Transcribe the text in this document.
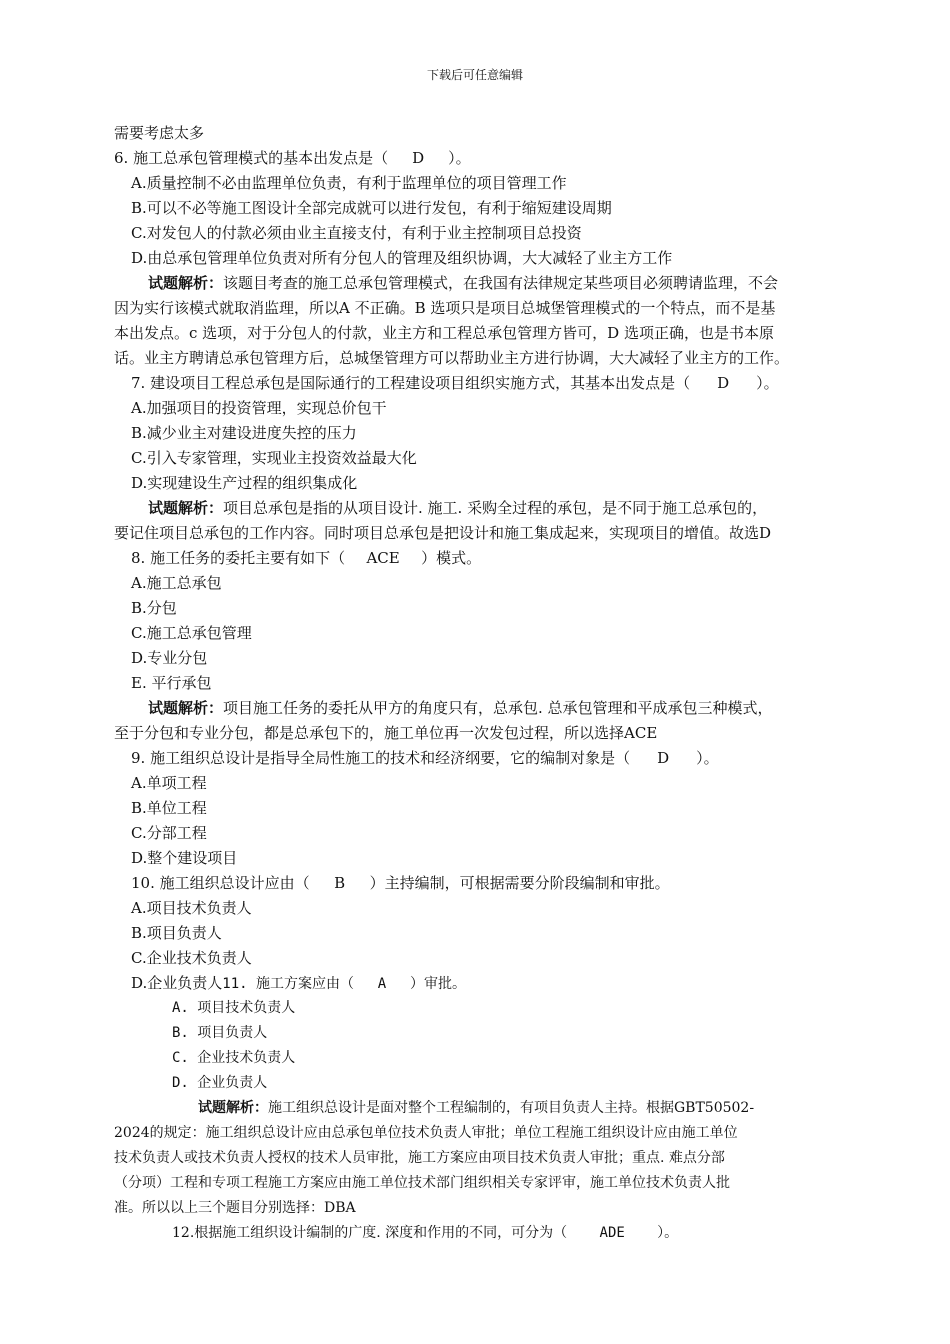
下载后可任意编辑
需要考虑太多
6. 施工总承包管理模式的基本出发点是（ D ）。
A.质量控制不必由监理单位负责，有利于监理单位的项目管理工作
B.可以不必等施工图设计全部完成就可以进行发包，有利于缩短建设周期
C.对发包人的付款必须由业主直接支付，有利于业主控制项目总投资
D.由总承包管理单位负责对所有分包人的管理及组织协调，大大减轻了业主方工作
试题解析：该题目考查的施工总承包管理模式，在我国有法律规定某些项目必须聘请监理，不会
因为实行该模式就取消监理，所以A 不正确。B 选项只是项目总城堡管理模式的一个特点，而不是基
本出发点。c 选项，对于分包人的付款，业主方和工程总承包管理方皆可，D 选项正确，也是书本原
话。业主方聘请总承包管理方后，总城堡管理方可以帮助业主方进行协调，大大减轻了业主方的工作。
7. 建设项目工程总承包是国际通行的工程建设项目组织实施方式，其基本出发点是（ D ）。
A.加强项目的投资管理，实现总价包干
B.减少业主对建设进度失控的压力
C.引入专家管理，实现业主投资效益最大化
D.实现建设生产过程的组织集成化
试题解析：项目总承包是指的从项目设计. 施工. 采购全过程的承包，是不同于施工总承包的，
要记住项目总承包的工作内容。同时项目总承包是把设计和施工集成起来，实现项目的增值。故选D
8. 施工任务的委托主要有如下（ ACE ）模式。
A.施工总承包
B.分包
C.施工总承包管理
D.专业分包
E. 平行承包
试题解析：项目施工任务的委托从甲方的角度只有，总承包. 总承包管理和平成承包三种模式，
至于分包和专业分包，都是总承包下的，施工单位再一次发包过程，所以选择ACE
9. 施工组织总设计是指导全局性施工的技术和经济纲要，它的编制对象是（ D ）。
A.单项工程
B.单位工程
C.分部工程
D.整个建设项目
10. 施工组织总设计应由（ B ）主持编制，可根据需要分阶段编制和审批。
A.项目技术负责人
B.项目负责人
C.企业技术负责人
D.企业负责人11. 施工方案应由（ A ）审批。
A. 项目技术负责人
B. 项目负责人
C. 企业技术负责人
D. 企业负责人
试题解析：施工组织总设计是面对整个工程编制的，有项目负责人主持。根据GBT50502-
2024的规定：施工组织总设计应由总承包单位技术负责人审批；单位工程施工组织设计应由施工单位
技术负责人或技术负责人授权的技术人员审批，施工方案应由项目技术负责人审批；重点. 难点分部
（分项）工程和专项工程施工方案应由施工单位技术部门组织相关专家评审，施工单位技术负责人批
准。所以以上三个题目分别选择：DBA
12.根据施工组织设计编制的广度. 深度和作用的不同，可分为（ ADE ）。
